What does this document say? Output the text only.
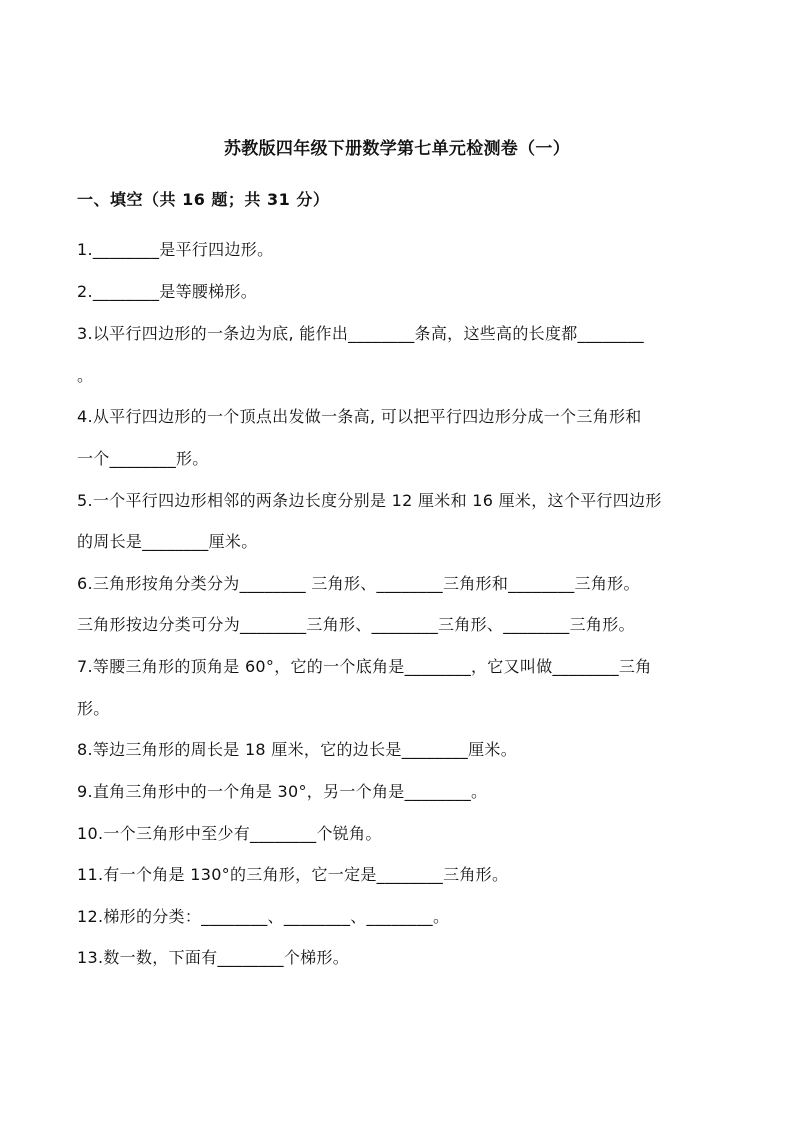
苏教版四年级下册数学第七单元检测卷（一）
一、填空（共 16 题；共 31 分）
1.________是平行四边形。
2.________是等腰梯形。
3.以平行四边形的一条边为底, 能作出________条高，这些高的长度都________
。
4.从平行四边形的一个顶点出发做一条高, 可以把平行四边形分成一个三角形和
一个________形。
5.一个平行四边形相邻的两条边长度分别是 12 厘米和 16 厘米，这个平行四边形
的周长是________厘米。
6.三角形按角分类分为________ 三角形、________三角形和________三角形。
三角形按边分类可分为________三角形、________三角形、________三角形。
7.等腰三角形的顶角是 60°，它的一个底角是________，它又叫做________三角
形。
8.等边三角形的周长是 18 厘米，它的边长是________厘米。
9.直角三角形中的一个角是 30°，另一个角是________。
10.一个三角形中至少有________个锐角。
11.有一个角是 130°的三角形，它一定是________三角形。
12.梯形的分类：________、________、________。
13.数一数，下面有________个梯形。
